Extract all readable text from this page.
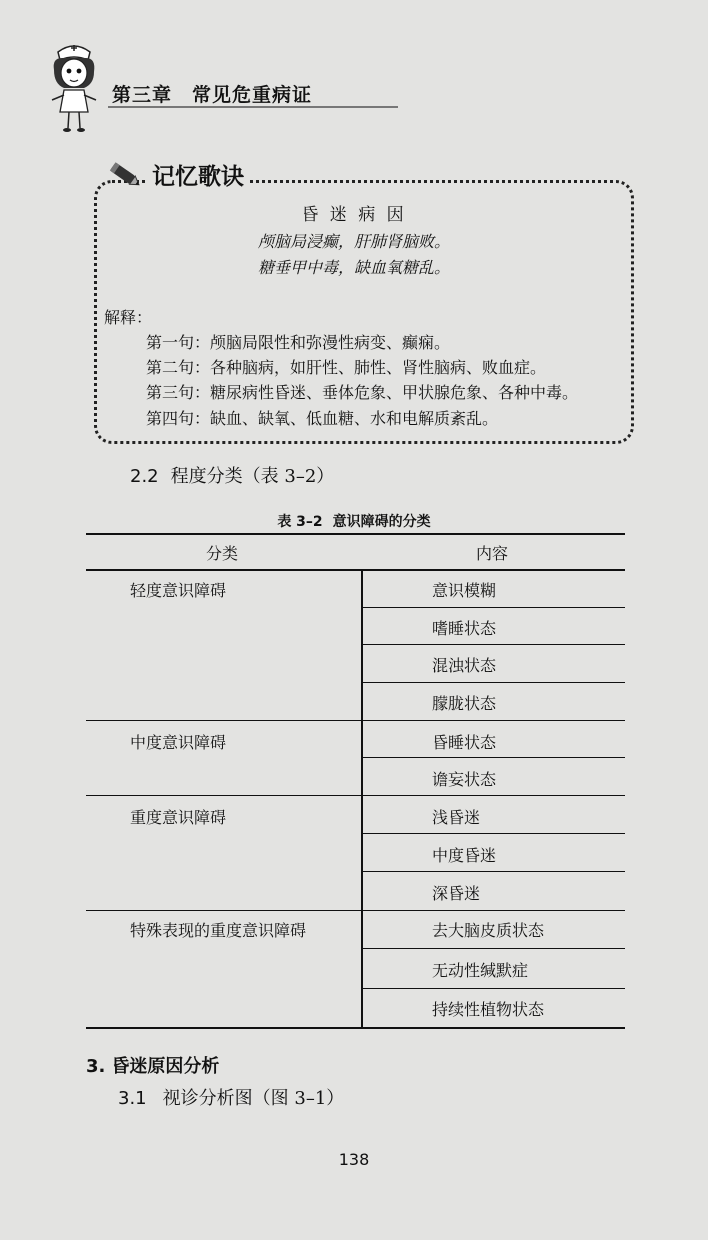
第三章　常见危重病证
记忆歌诀
昏 迷 病 因
颅脑局浸癫，肝肺肾脑败。
糖垂甲中毒，缺血氧糖乱。
解释：
第一句：颅脑局限性和弥漫性病变、癫痫。
第二句：各种脑病，如肝性、肺性、肾性脑病、败血症。
第三句：糖尿病性昏迷、垂体危象、甲状腺危象、各种中毒。
第四句：缺血、缺氧、低血糖、水和电解质紊乱。
2.2 程度分类（表 3–2）
表 3–2 意识障碍的分类
分类	内容
轻度意识障碍
中度意识障碍
重度意识障碍
特殊表现的重度意识障碍
意识模糊
嗜睡状态
混浊状态
朦胧状态
昏睡状态
谵妄状态
浅昏迷
中度昏迷
深昏迷
去大脑皮质状态
无动性缄默症
持续性植物状态
3. 昏迷原因分析
3.1 视诊分析图（图 3–1）
138
